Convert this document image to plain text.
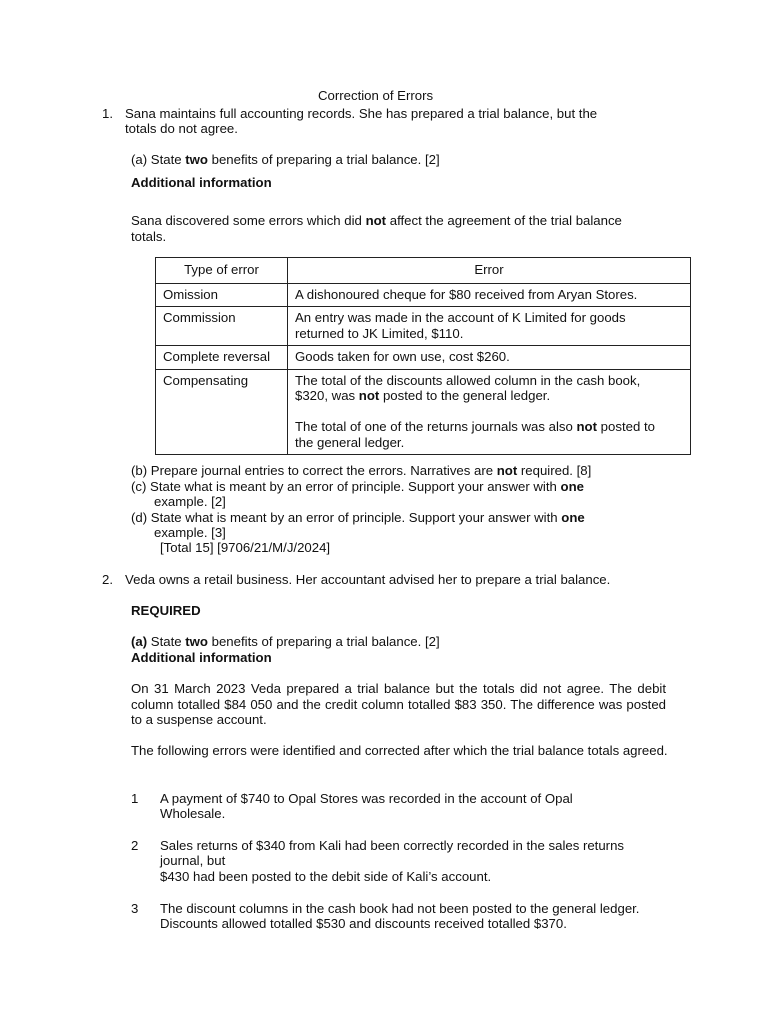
Correction of Errors
1. Sana maintains full accounting records. She has prepared a trial balance, but the
totals do not agree.
(a) State two benefits of preparing a trial balance. [2]
Additional information
Sana discovered some errors which did not affect the agreement of the trial balance
totals.
Type of error	Error
Omission	A dishonoured cheque for $80 received from Aryan Stores.
Commission	An entry was made in the account of K Limited for goods
returned to JK Limited, $110.
Complete reversal	Goods taken for own use, cost $260.
Compensating	The total of the discounts allowed column in the cash book,
$320, was not posted to the general ledger.
The total of one of the returns journals was also not posted to
the general ledger.
(b) Prepare journal entries to correct the errors. Narratives are not required. [8]
(c) State what is meant by an error of principle. Support your answer with one
example. [2]
(d) State what is meant by an error of principle. Support your answer with one
example. [3]
[Total 15] [9706/21/M/J/2024]
2. Veda owns a retail business. Her accountant advised her to prepare a trial balance.
REQUIRED
(a) State two benefits of preparing a trial balance. [2]
Additional information
On 31 March 2023 Veda prepared a trial balance but the totals did not agree. The debit column totalled $84 050 and the credit column totalled $83 350. The difference was posted to a suspense account.
The following errors were identified and corrected after which the trial balance totals agreed.
1 A payment of $740 to Opal Stores was recorded in the account of Opal
Wholesale.
2 Sales returns of $340 from Kali had been correctly recorded in the sales returns
journal, but
$430 had been posted to the debit side of Kali’s account.
3 The discount columns in the cash book had not been posted to the general ledger.
Discounts allowed totalled $530 and discounts received totalled $370.
